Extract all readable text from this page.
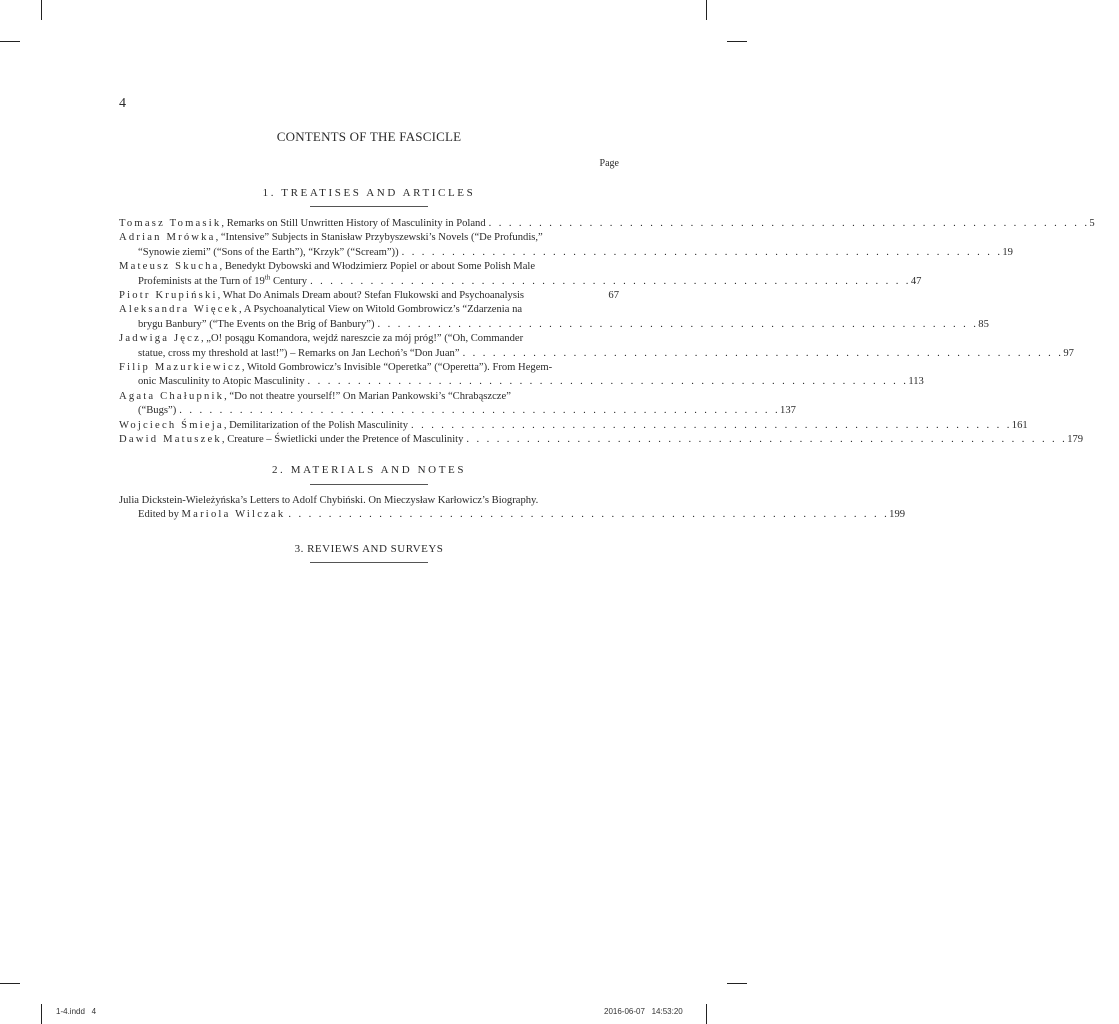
4
CONTENTS OF THE FASCICLE
Page
1. TREATISES AND ARTICLES
Tomasz Tomasik, Remarks on Still Unwritten History of Masculinity in Poland . . . . . . . . . . . . . . . . . . . . . . . . . . . . . . . . . . . . . . . . . . . . . . . . . . . . . . . . . . . . 5
Adrian Mrówka, “Intensive” Subjects in Stanisław Przybyszewski’s Novels (“De Profundis,”
“Synowie ziemi” (“Sons of the Earth”), “Krzyk” (“Scream”)) . . . . . . . . . . . . . . . . . . . . . . . . . . . . . . . . . . . . . . . . . . . . . . . . . . . . . . . . . . . . 19
Mateusz Skucha, Benedykt Dybowski and Włodzimierz Popiel or about Some Polish Male
Profeminists at the Turn of 19th Century . . . . . . . . . . . . . . . . . . . . . . . . . . . . . . . . . . . . . . . . . . . . . . . . . . . . . . . . . . . . 47
Piotr Krupiński, What Do Animals Dream about? Stefan Flukowski and Psychoanalysis	67
Aleksandra Więcek, A Psychoanalytical View on Witold Gombrowicz’s “Zdarzenia na
brygu Banbury” (“The Events on the Brig of Banbury”) . . . . . . . . . . . . . . . . . . . . . . . . . . . . . . . . . . . . . . . . . . . . . . . . . . . . . . . . . . . . 85
Jadwiga Jęcz, „O! posągu Komandora, wejdź nareszcie za mój próg!” (“Oh, Commander
statue, cross my threshold at last!”) – Remarks on Jan Lechoń’s “Don Juan” . . . . . . . . . . . . . . . . . . . . . . . . . . . . . . . . . . . . . . . . . . . . . . . . . . . . . . . . . . . . 97
Filip Mazurkiewicz, Witold Gombrowicz’s Invisible “Operetka” (“Operetta”). From Hegem-
onic Masculinity to Atopic Masculinity . . . . . . . . . . . . . . . . . . . . . . . . . . . . . . . . . . . . . . . . . . . . . . . . . . . . . . . . . . . . 113
Agata Chałupnik, “Do not theatre yourself!” On Marian Pankowski’s “Chrabąszcze”
(“Bugs”) . . . . . . . . . . . . . . . . . . . . . . . . . . . . . . . . . . . . . . . . . . . . . . . . . . . . . . . . . . . . 137
Wojciech Śmieja, Demilitarization of the Polish Masculinity . . . . . . . . . . . . . . . . . . . . . . . . . . . . . . . . . . . . . . . . . . . . . . . . . . . . . . . . . . . . 161
Dawid Matuszek, Creature – Świetlicki under the Pretence of Masculinity . . . . . . . . . . . . . . . . . . . . . . . . . . . . . . . . . . . . . . . . . . . . . . . . . . . . . . . . . . . . 179
2. MATERIALS AND NOTES
Julia Dickstein-Wieleżyńska’s Letters to Adolf Chybiński. On Mieczysław Karłowicz’s Biography.
Edited by Mariola Wilczak . . . . . . . . . . . . . . . . . . . . . . . . . . . . . . . . . . . . . . . . . . . . . . . . . . . . . . . . . . . . 199
3. REVIEWS AND SURVEYS
1-4.indd   4	2016-06-07   14:53:20
